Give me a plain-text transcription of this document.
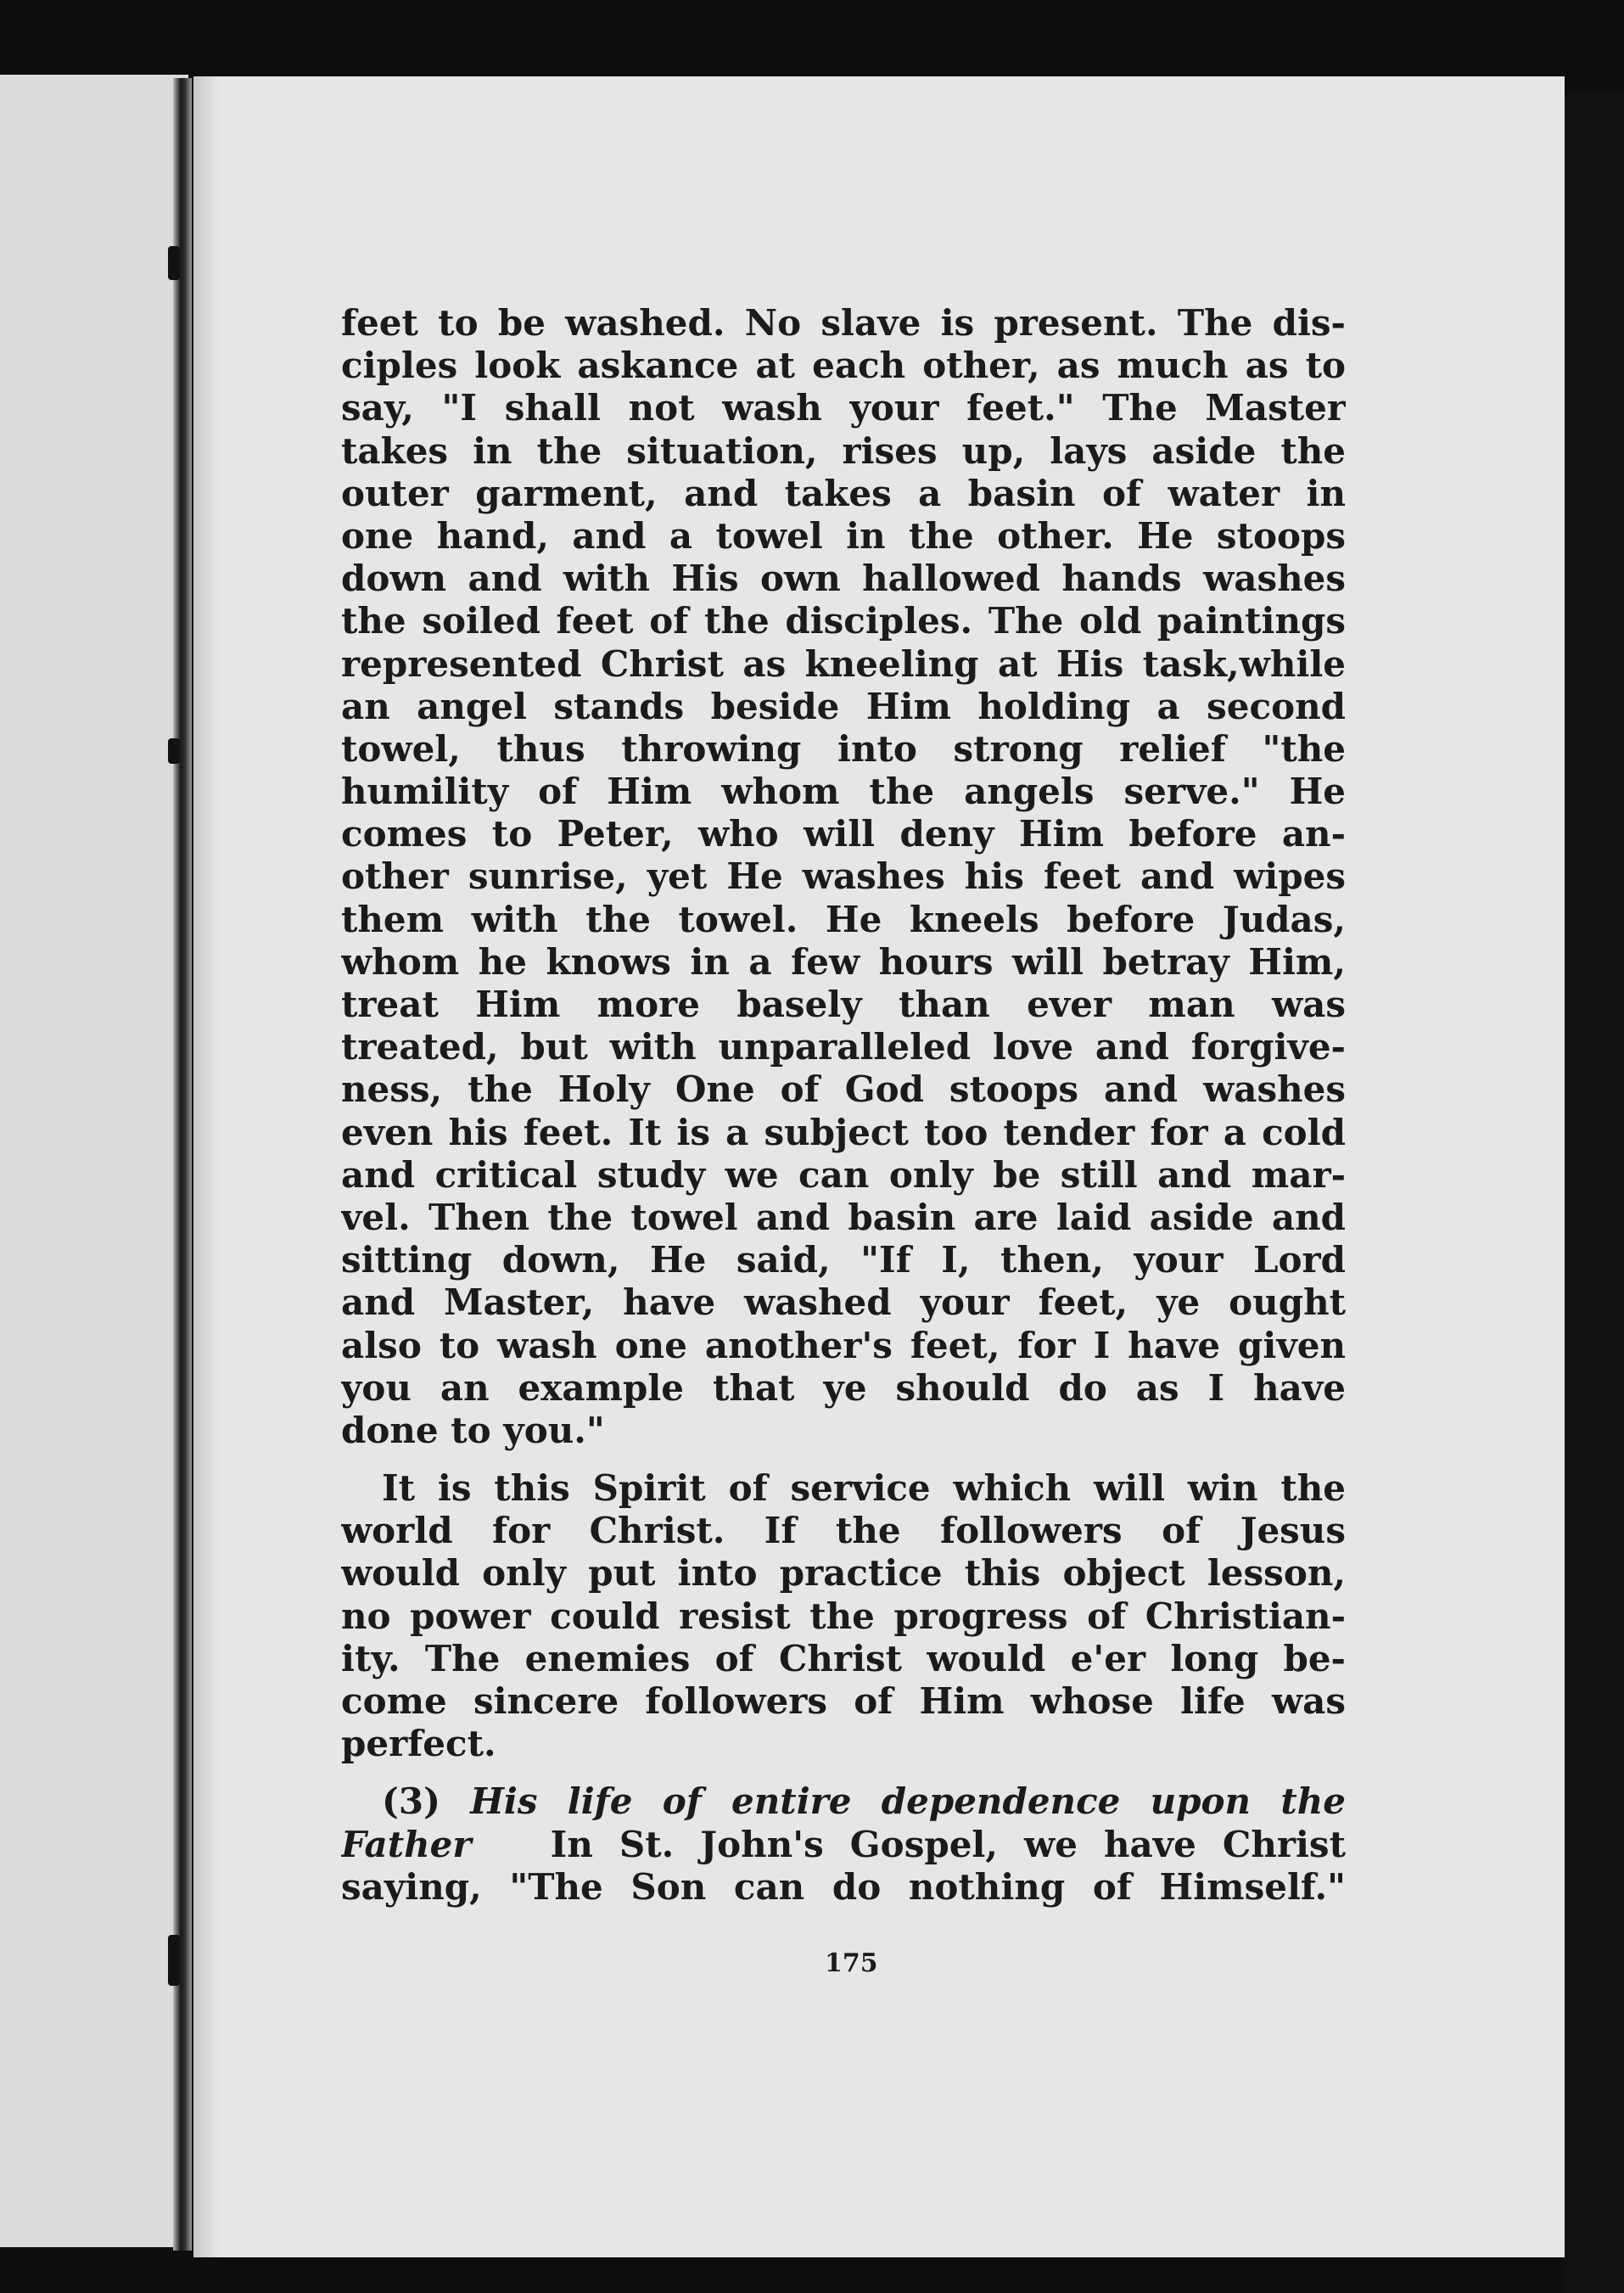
feet to be washed. No slave is present. The dis-
ciples look askance at each other, as much as to
say, "I shall not wash your feet." The Master
takes in the situation, rises up, lays aside the
outer garment, and takes a basin of water in
one hand, and a towel in the other. He stoops
down and with His own hallowed hands washes
the soiled feet of the disciples. The old paintings
represented Christ as kneeling at His task,while
an angel stands beside Him holding a second
towel, thus throwing into strong relief "the
humility of Him whom the angels serve." He
comes to Peter, who will deny Him before an-
other sunrise, yet He washes his feet and wipes
them with the towel. He kneels before Judas,
whom he knows in a few hours will betray Him,
treat Him more basely than ever man was
treated, but with unparalleled love and forgive-
ness, the Holy One of God stoops and washes
even his feet. It is a subject too tender for a cold
and critical study we can only be still and mar-
vel. Then the towel and basin are laid aside and
sitting down, He said, "If I, then, your Lord
and Master, have washed your feet, ye ought
also to wash one another's feet, for I have given
you an example that ye should do as I have
done to you."
It is this Spirit of service which will win the
world for Christ. If the followers of Jesus
would only put into practice this object lesson,
no power could resist the progress of Christian-
ity. The enemies of Christ would e'er long be-
come sincere followers of Him whose life was
perfect.
(3) His life of entire dependence upon the
Father In St. John's Gospel, we have Christ
saying, "The Son can do nothing of Himself."
175
